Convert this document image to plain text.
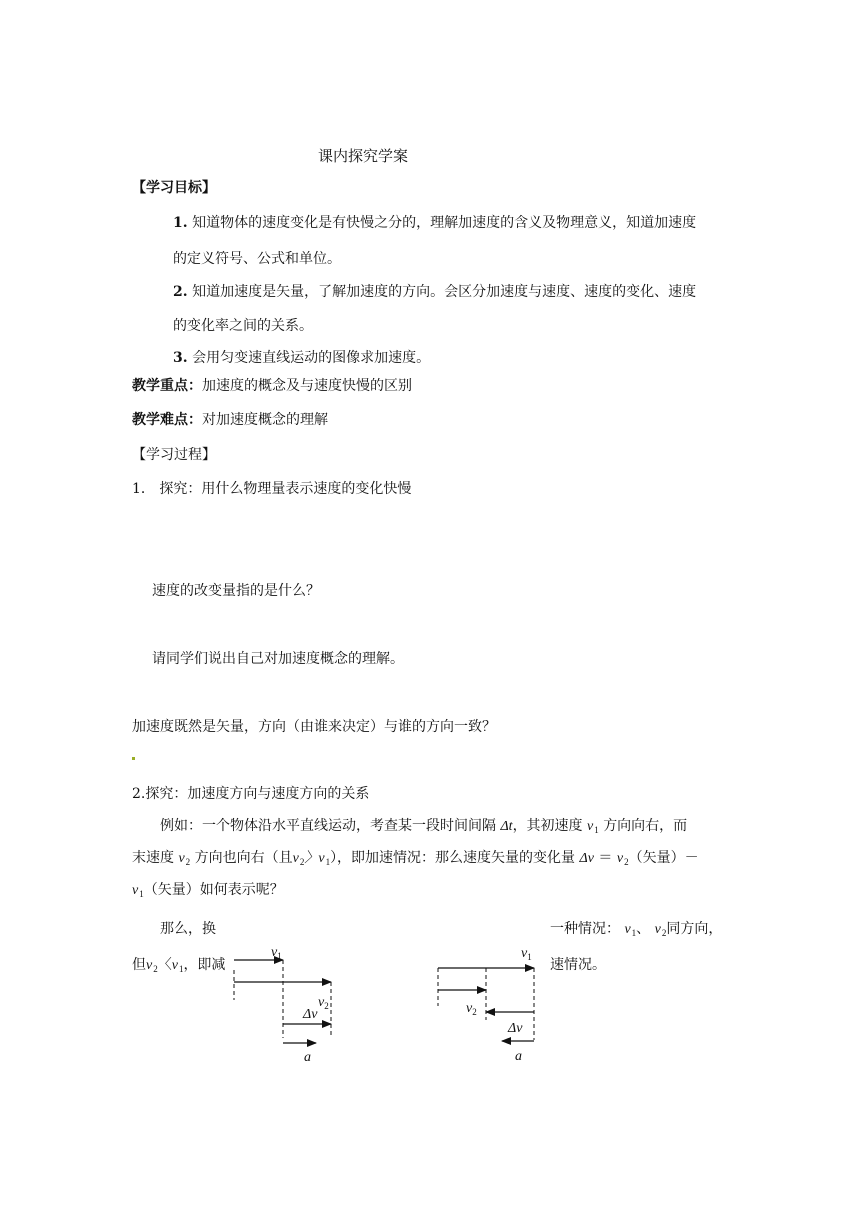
课内探究学案
【学习目标】
1. 知道物体的速度变化是有快慢之分的，理解加速度的含义及物理意义，知道加速度
的定义符号、公式和单位。
2. 知道加速度是矢量，了解加速度的方向。会区分加速度与速度、速度的变化、速度
的变化率之间的关系。
3. 会用匀变速直线运动的图像求加速度。
教学重点：加速度的概念及与速度快慢的区别
教学难点：对加速度概念的理解
【学习过程】
1． 探究：用什么物理量表示速度的变化快慢
速度的改变量指的是什么？
请同学们说出自己对加速度概念的理解。
加速度既然是矢量，方向（由谁来决定）与谁的方向一致？
2.探究：加速度方向与速度方向的关系
例如：一个物体沿水平直线运动，考查某一段时间间隔 Δt，其初速度 $v_1$ 方向向右，而
末速度 $v_2$ 方向也向右（且$v_2$〉$v_1$），即加速情况：那么速度矢量的变化量 $\Delta v = v_2$（矢量）－
$v_1$（矢量）如何表示呢？
那么，换	一种情况： $v_1$、 $v_2$同方向，
但$v_2$〈$v_1$，即减	速情况。
$v_1$
$v_2$
Δv
a
$v_1$
$v_2$
Δv
a
